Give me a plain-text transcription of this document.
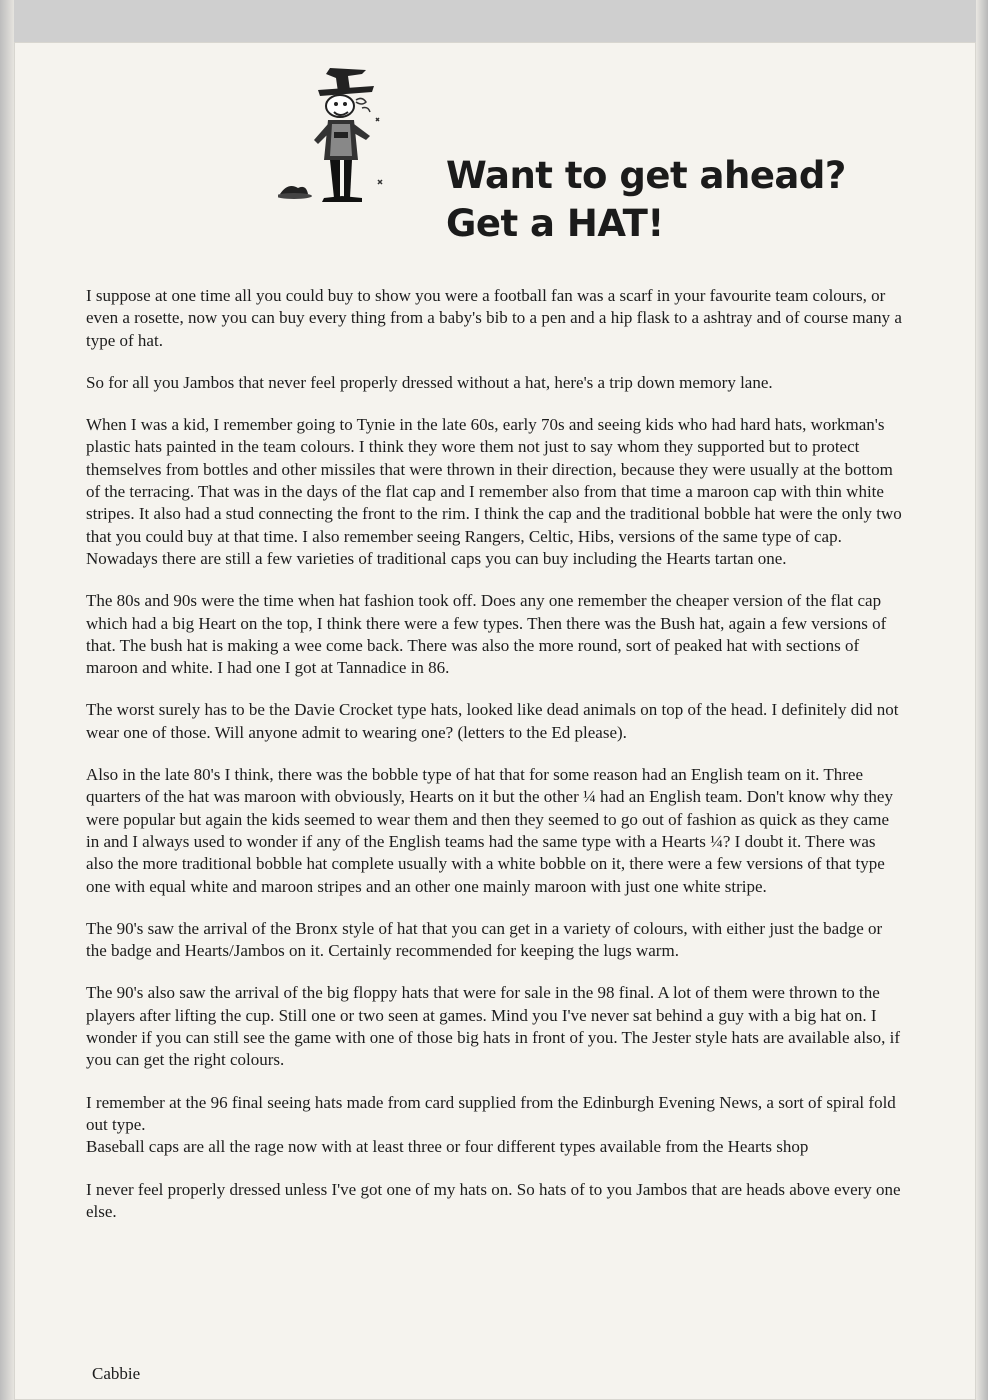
Want to get ahead?
Get a HAT!

I suppose at one time all you could buy to show you were a football fan was a scarf in your favourite team colours, or even a rosette, now you can buy every thing from a baby's bib to a pen and a hip flask to a ashtray and of course many a type of hat.

So for all you Jambos that never feel properly dressed without a hat, here's a trip down memory lane.

When I was a kid, I remember going to Tynie in the late 60s, early 70s and seeing kids who had hard hats, workman's plastic hats painted in the team colours. I think they wore them not just to say whom they supported but to protect themselves from bottles and other missiles that were thrown in their direction, because they were usually at the bottom of the terracing. That was in the days of the flat cap and I remember also from that time a maroon cap with thin white stripes. It also had a stud connecting the front to the rim. I think the cap and the traditional bobble hat were the only two that you could buy at that time. I also remember seeing Rangers, Celtic, Hibs, versions of the same type of cap. Nowadays there are still a few varieties of traditional caps you can buy including the Hearts tartan one.

The 80s and 90s were the time when hat fashion took off. Does any one remember the cheaper version of the flat cap which had a big Heart on the top, I think there were a few types. Then there was the Bush hat, again a few versions of that. The bush hat is making a wee come back. There was also the more round, sort of peaked hat with sections of maroon and white. I had one I got at Tannadice in 86.

The worst surely has to be the Davie Crocket type hats, looked like dead animals on top of the head. I definitely did not wear one of those. Will anyone admit to wearing one? (letters to the Ed please).

Also in the late 80's I think, there was the bobble type of hat that for some reason had an English team on it. Three quarters of the hat was maroon with obviously, Hearts on it but the other ¼ had an English team. Don't know why they were popular but again the kids seemed to wear them and then they seemed to go out of fashion as quick as they came in and I always used to wonder if any of the English teams had the same type with a Hearts ¼? I doubt it. There was also the more traditional bobble hat complete usually with a white bobble on it, there were a few versions of that type one with equal white and maroon stripes and an other one mainly maroon with just one white stripe.

The 90's saw the arrival of the Bronx style of hat that you can get in a variety of colours, with either just the badge or the badge and Hearts/Jambos on it. Certainly recommended for keeping the lugs warm.

The 90's also saw the arrival of the big floppy hats that were for sale in the 98 final. A lot of them were thrown to the players after lifting the cup. Still one or two seen at games. Mind you I've never sat behind a guy with a big hat on. I wonder if you can still see the game with one of those big hats in front of you. The Jester style hats are available also, if you can get the right colours.

I remember at the 96 final seeing hats made from card supplied from the Edinburgh Evening News, a sort of spiral fold out type.

Baseball caps are all the rage now with at least three or four different types available from the Hearts shop

I never feel properly dressed unless I've got one of my hats on. So hats of to you Jambos that are heads above every one else.

Cabbie
